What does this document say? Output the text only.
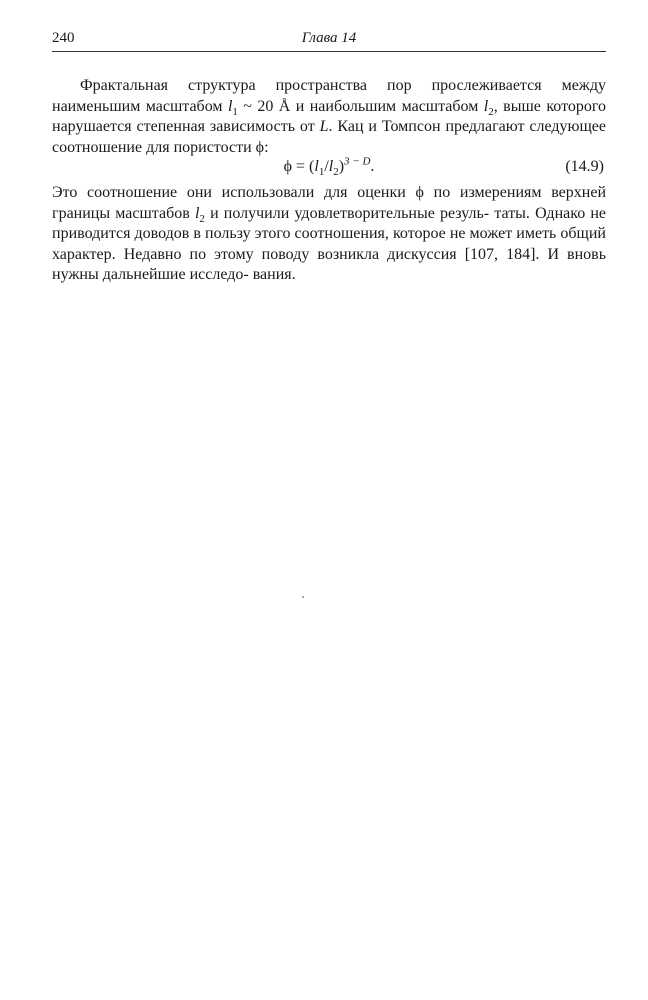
240	Глава 14

Фрактальная структура пространства пор прослеживается между наименьшим масштабом $l_1$ ~ 20 Å и наибольшим масштабом $l_2$, выше которого нарушается степенная зависимость от L. Кац и Томпсон предлагают следующее соотношение для пористости ϕ:

$\phi = (l_1/l_2)^{3 - D}$.	(14.9)

Это соотношение они использовали для оценки ϕ по измерениям верхней границы масштабов $l_2$ и получили удовлетворительные резуль- таты. Однако не приводится доводов в пользу этого соотношения, которое не может иметь общий характер. Недавно по этому поводу возникла дискуссия [107, 184]. И вновь нужны дальнейшие исследо- вания.
